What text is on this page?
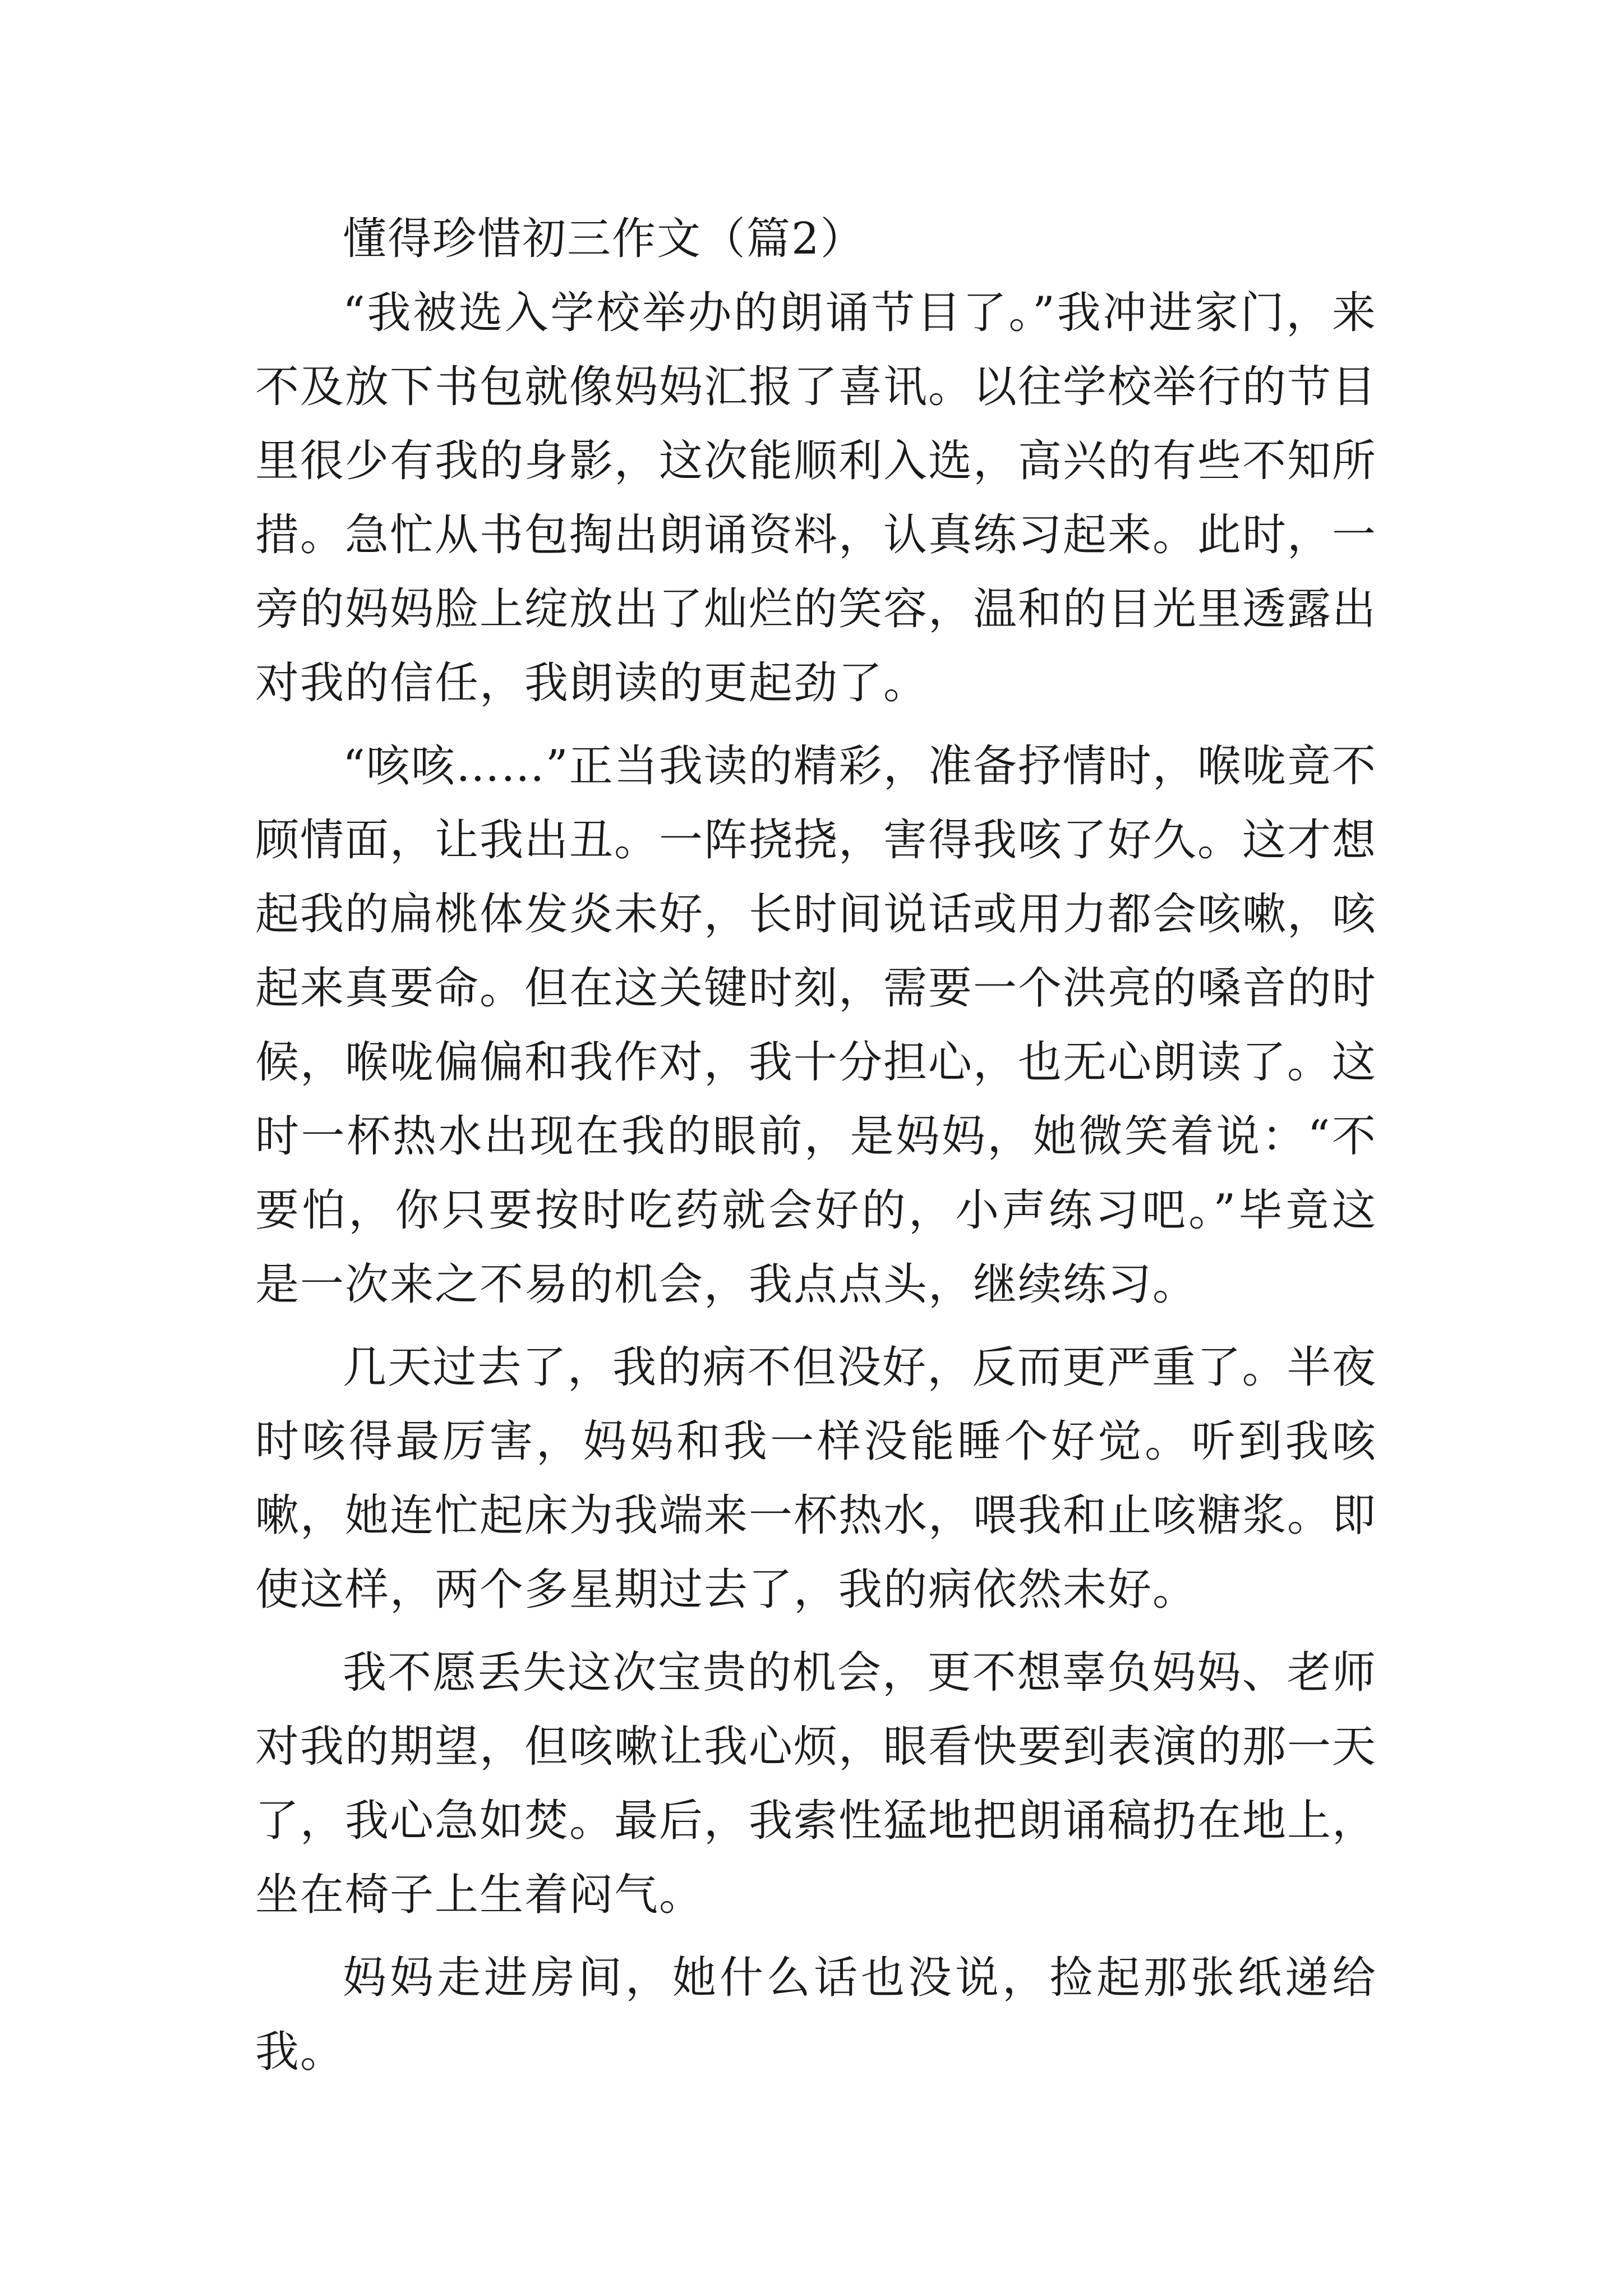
懂得珍惜初三作文（篇2）

“我被选入学校举办的朗诵节目了。”我冲进家门，来不及放下书包就像妈妈汇报了喜讯。以往学校举行的节目里很少有我的身影，这次能顺利入选，高兴的有些不知所措。急忙从书包掏出朗诵资料，认真练习起来。此时，一旁的妈妈脸上绽放出了灿烂的笑容，温和的目光里透露出对我的信任，我朗读的更起劲了。

“咳咳……”正当我读的精彩，准备抒情时，喉咙竟不顾情面，让我出丑。一阵挠挠，害得我咳了好久。这才想起我的扁桃体发炎未好，长时间说话或用力都会咳嗽，咳起来真要命。但在这关键时刻，需要一个洪亮的嗓音的时候，喉咙偏偏和我作对，我十分担心，也无心朗读了。这时一杯热水出现在我的眼前，是妈妈，她微笑着说：“不要怕，你只要按时吃药就会好的，小声练习吧。”毕竟这是一次来之不易的机会，我点点头，继续练习。

几天过去了，我的病不但没好，反而更严重了。半夜时咳得最厉害，妈妈和我一样没能睡个好觉。听到我咳嗽，她连忙起床为我端来一杯热水，喂我和止咳糖浆。即使这样，两个多星期过去了，我的病依然未好。

我不愿丢失这次宝贵的机会，更不想辜负妈妈、老师对我的期望，但咳嗽让我心烦，眼看快要到表演的那一天了，我心急如焚。最后，我索性猛地把朗诵稿扔在地上，坐在椅子上生着闷气。

妈妈走进房间，她什么话也没说，捡起那张纸递给我。
